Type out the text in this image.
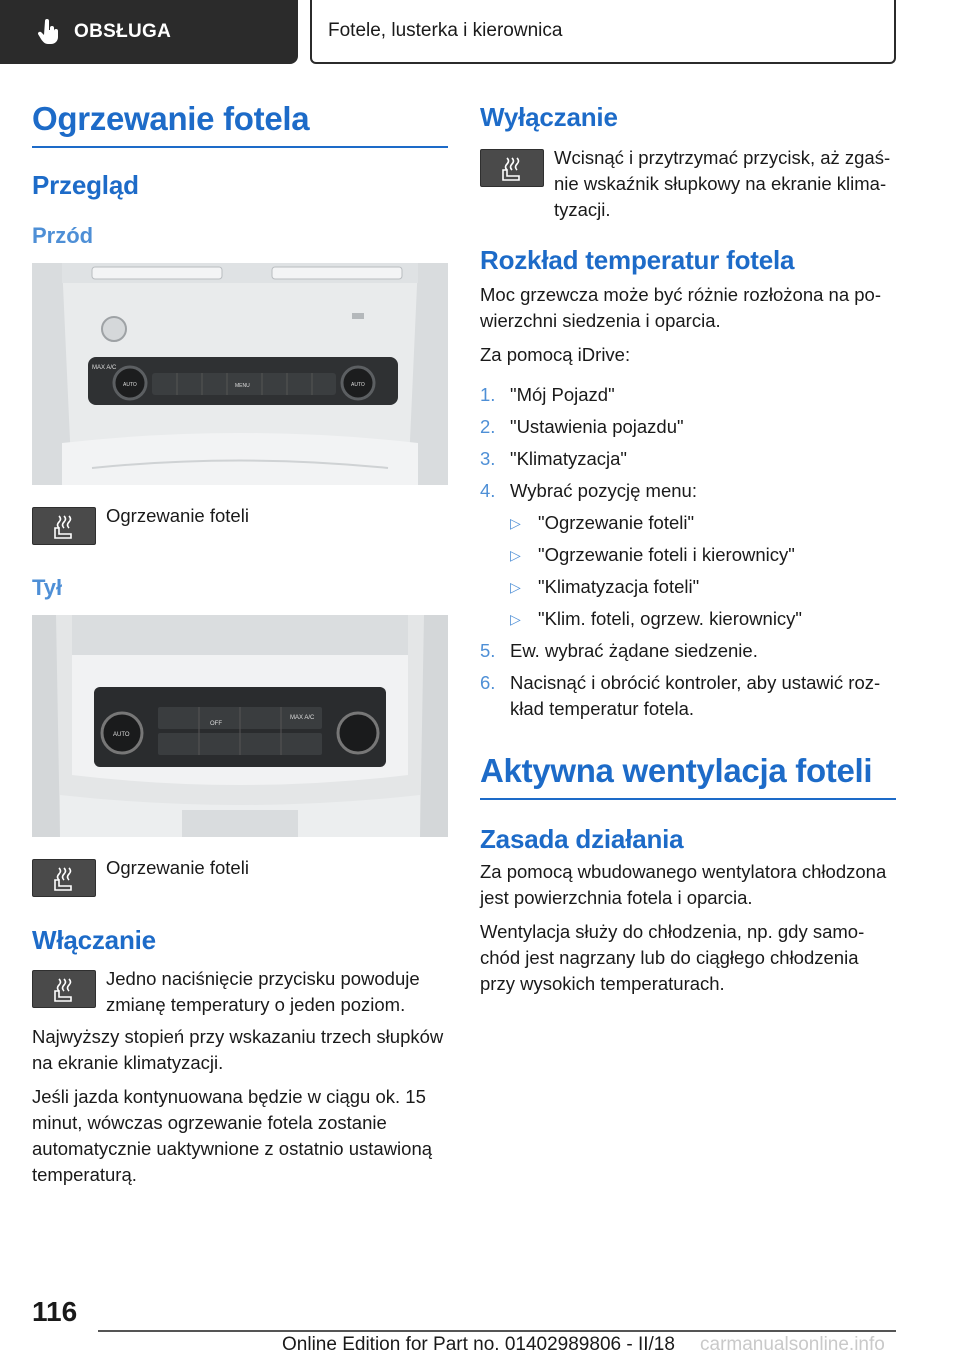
OBSŁUGA	Fotele, lusterka i kierownica
Ogrzewanie fotela
Przegląd
Przód
MAX A/C
AUTO	MENU	AUTO
Ogrzewanie foteli
Tył
AUTO
OFF
MAX A/C
Ogrzewanie foteli
Włączanie
Jedno naciśnięcie przycisku powoduje zmianę temperatury o jeden poziom.

Najwyższy stopień przy wskazaniu trzech słupków na ekranie klimatyzacji.

Jeśli jazda kontynuowana będzie w ciągu ok. 15 minut, wówczas ogrzewanie fotela zostanie automatycznie uaktywnione z ostatnio ustawioną temperaturą.

Wyłączanie
Wcisnąć i przytrzymać przycisk, aż zgaśnie wskaźnik słupkowy na ekranie klimatyzacji.
Rozkład temperatur fotela

Moc grzewcza może być różnie rozłożona na powierzchni siedzenia i oparcia.

Za pomocą iDrive:

1. "Mój Pojazd"
2. "Ustawienia pojazdu"
3. "Klimatyzacja"
4. Wybrać pozycję menu:
▷ "Ogrzewanie foteli"
▷ "Ogrzewanie foteli i kierownicy"
▷ "Klimatyzacja foteli"
▷ "Klim. foteli, ogrzew. kierownicy"
5. Ew. wybrać żądane siedzenie.
6. Nacisnąć i obrócić kontroler, aby ustawić rozkład temperatur fotela.
Aktywna wentylacja foteli
Zasada działania

Za pomocą wbudowanego wentylatora chłodzona jest powierzchnia fotela i oparcia.

Wentylacja służy do chłodzenia, np. gdy samochód jest nagrzany lub do ciągłego chłodzenia przy wysokich temperaturach.

116
Online Edition for Part no. 01402989806 - II/18 carmanualsonline.info
